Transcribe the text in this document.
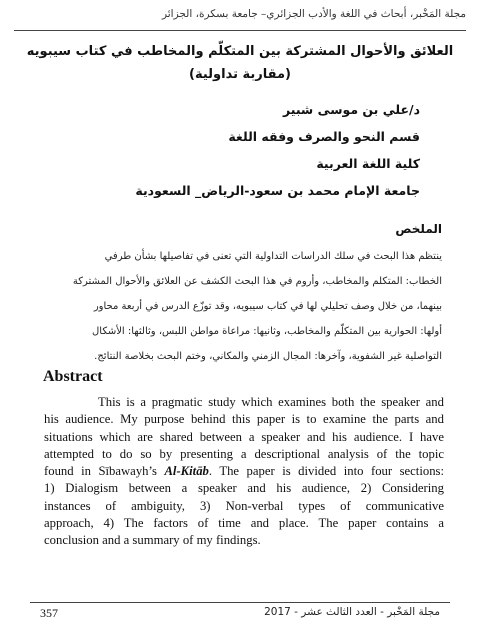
مجلة المَخْبر، أبحاث في اللغة والأدب الجزائري– جامعة بسكرة، الجزائر
العلائق والأحوال المشتركة بين المتكلّم والمخاطب في كتاب سيبويه
(مقاربة تداولية)
د/علي بن موسى شبير
قسم النحو والصرف وفقه اللغة
كلية اللغة العربية
جامعة الإمام محمد بن سعود-الرياض_ السعودية
الملخص
ينتظم هذا البحث في سلك الدراسات التداولية التي تعنى في تفاصيلها بشأن طرفي
الخطاب: المتكلم والمخاطب، وأروم في هذا البحث الكشف عن العلائق والأحوال المشتركة
بينهما، من خلال وصف تحليلي لها في كتاب سيبويه، وقد توزّع الدرس في أربعة محاور
أولها: الحوارية بين المتكلّم والمخاطب، وثانيها: مراعاة مواطن اللبس، وثالثها: الأشكال
التواصلية غير الشفوية، وآخرها: المجال الزمني والمكاني، وختم البحث بخلاصة النتائج.
Abstract
This is a pragmatic study which examines both the speaker and
his audience. My purpose behind this paper is to examine the parts and
situations which are shared between a speaker and his audience. I have
attempted to do so by presenting a descriptional analysis of the topic
found in Sībawayh’s Al-Kitāb. The paper is divided into four sections:
1) Dialogism between a speaker and his audience, 2) Considering
instances of ambiguity, 3) Non-verbal types of communicative
approach, 4) The factors of time and place. The paper contains a
conclusion and a summary of my findings.
357	مجلة المَخْبر - العدد الثالث عشر - 2017
